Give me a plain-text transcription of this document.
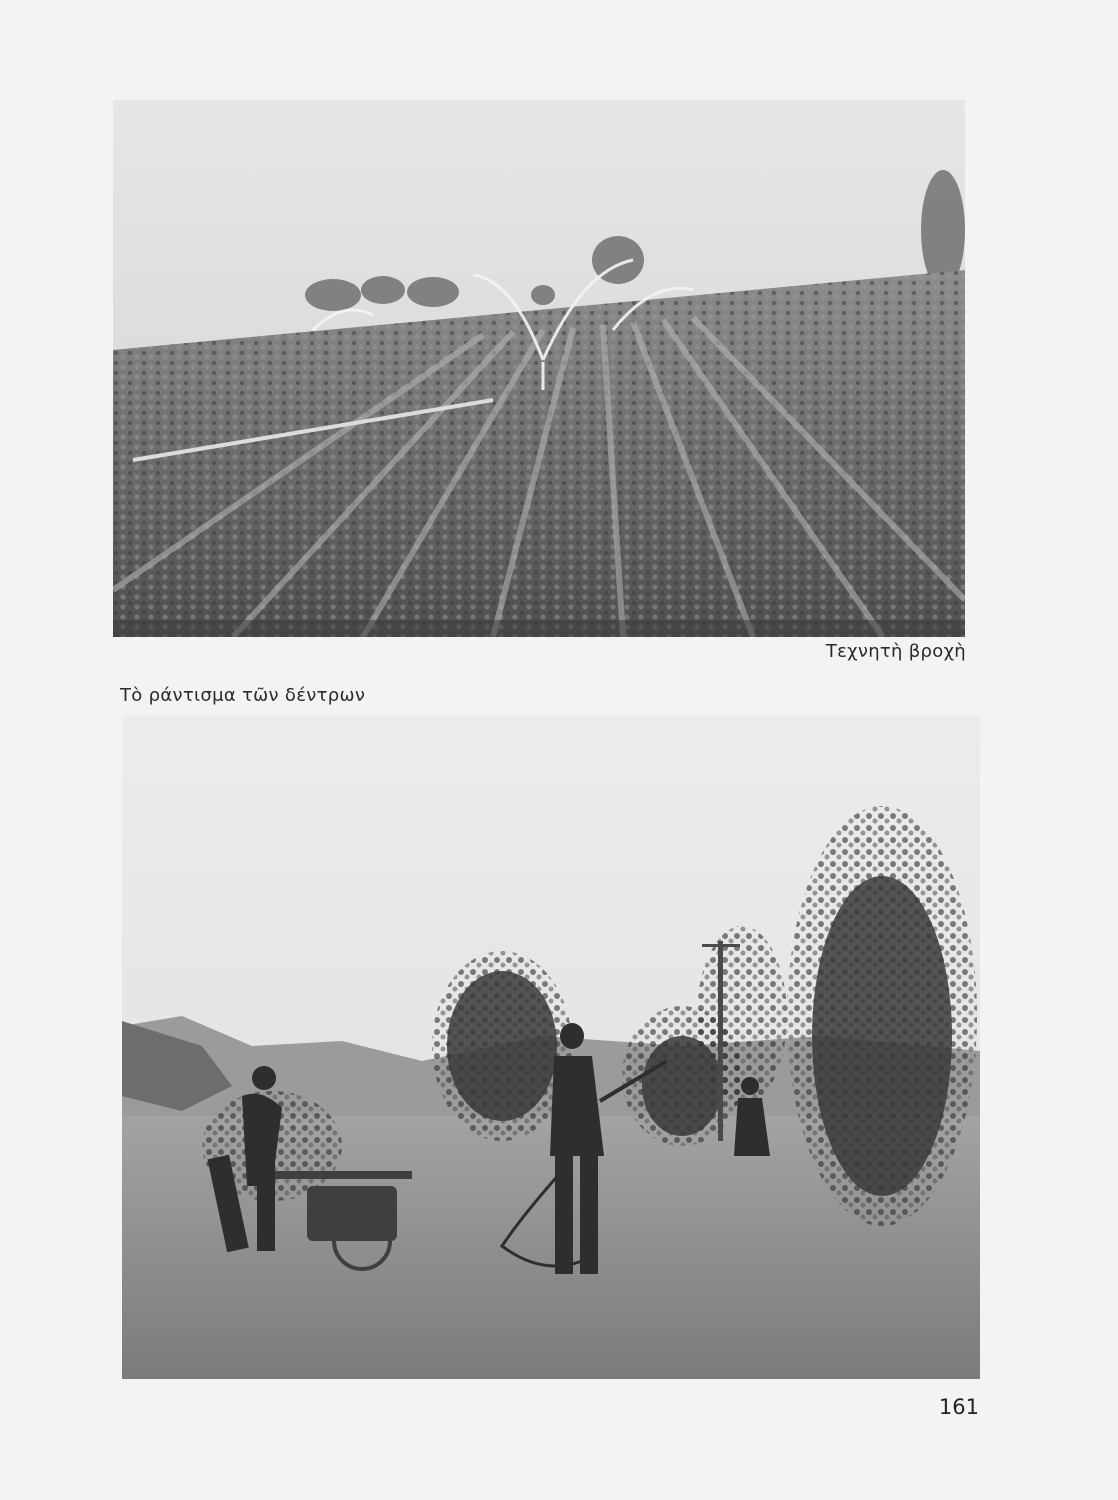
Τεχνητὴ βροχὴ
Τὸ ράντισμα τῶν δέντρων
161
